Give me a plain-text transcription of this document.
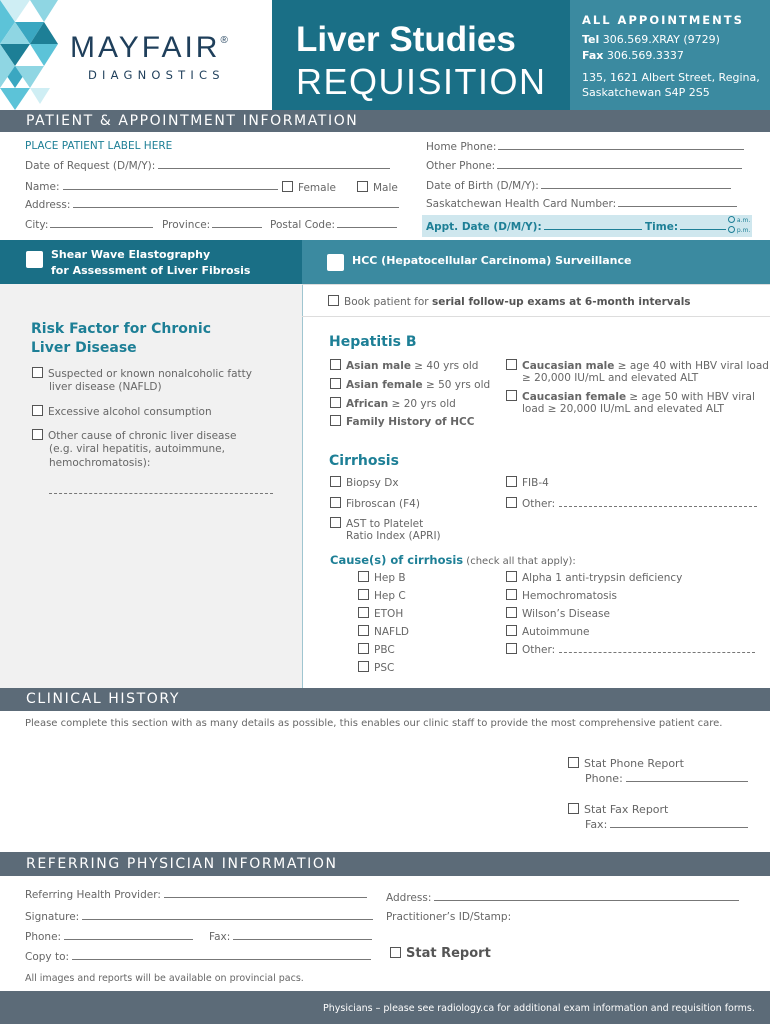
MAYFAIR®
DIAGNOSTICS
Liver Studies
REQUISITION
ALL APPOINTMENTS
Tel 306.569.XRAY (9729)
Fax 306.569.3337
135, 1621 Albert Street, Regina,
Saskatchewan S4P 2S5
PATIENT & APPOINTMENT INFORMATION
PLACE PATIENT LABEL HERE
Date of Request (D/M/Y):
Name:	Female	Male
Address:
City:	Province:	Postal Code:
Home Phone:
Other Phone:
Date of Birth (D/M/Y):
Saskatchewan Health Card Number:
Appt. Date (D/M/Y):	Time:
a.m.
p.m.
Shear Wave Elastography
for Assessment of Liver Fibrosis
HCC (Hepatocellular Carcinoma) Surveillance
Risk Factor for Chronic
Liver Disease
Suspected or known nonalcoholic fatty
liver disease (NAFLD)
Excessive alcohol consumption
Other cause of chronic liver disease
(e.g. viral hepatitis, autoimmune,
hemochromatosis):
Book patient for serial follow-up exams at 6-month intervals
Hepatitis B
Asian male ≥ 40 yrs old
Asian female ≥ 50 yrs old
African ≥ 20 yrs old
Family History of HCC
Caucasian male ≥ age 40 with HBV viral load
≥ 20,000 IU/mL and elevated ALT
Caucasian female ≥ age 50 with HBV viral
load ≥ 20,000 IU/mL and elevated ALT
Cirrhosis
Biopsy Dx
Fibroscan (F4)
AST to Platelet
Ratio Index (APRI)
FIB-4
Other:
Cause(s) of cirrhosis (check all that apply):
Hep B
Hep C
ETOH
NAFLD
PBC
PSC
Alpha 1 anti-trypsin deficiency
Hemochromatosis
Wilson’s Disease
Autoimmune
Other:
CLINICAL HISTORY
Please complete this section with as many details as possible, this enables our clinic staff to provide the most comprehensive patient care.
Stat Phone Report
Phone:
Stat Fax Report
Fax:
REFERRING PHYSICIAN INFORMATION
Referring Health Provider:
Signature:
Phone:	Fax:
Copy to:
Address:
Practitioner’s ID/Stamp:
Stat Report
All images and reports will be available on provincial pacs.
Physicians – please see radiology.ca for additional exam information and requisition forms.
